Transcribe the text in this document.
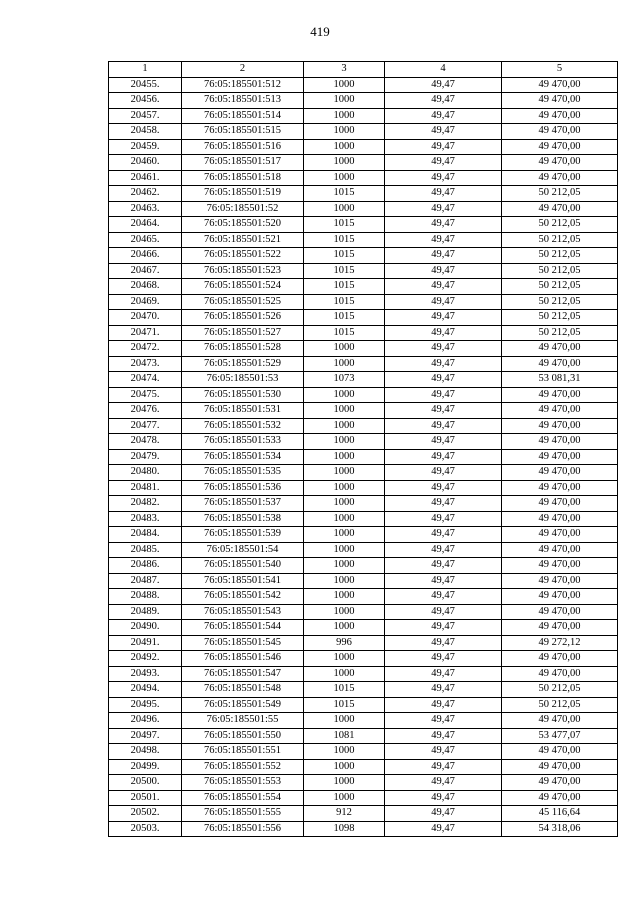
419
1	2	3	4	5
20455.	76:05:185501:512	1000	49,47	49 470,00
20456.	76:05:185501:513	1000	49,47	49 470,00
20457.	76:05:185501:514	1000	49,47	49 470,00
20458.	76:05:185501:515	1000	49,47	49 470,00
20459.	76:05:185501:516	1000	49,47	49 470,00
20460.	76:05:185501:517	1000	49,47	49 470,00
20461.	76:05:185501:518	1000	49,47	49 470,00
20462.	76:05:185501:519	1015	49,47	50 212,05
20463.	76:05:185501:52	1000	49,47	49 470,00
20464.	76:05:185501:520	1015	49,47	50 212,05
20465.	76:05:185501:521	1015	49,47	50 212,05
20466.	76:05:185501:522	1015	49,47	50 212,05
20467.	76:05:185501:523	1015	49,47	50 212,05
20468.	76:05:185501:524	1015	49,47	50 212,05
20469.	76:05:185501:525	1015	49,47	50 212,05
20470.	76:05:185501:526	1015	49,47	50 212,05
20471.	76:05:185501:527	1015	49,47	50 212,05
20472.	76:05:185501:528	1000	49,47	49 470,00
20473.	76:05:185501:529	1000	49,47	49 470,00
20474.	76:05:185501:53	1073	49,47	53 081,31
20475.	76:05:185501:530	1000	49,47	49 470,00
20476.	76:05:185501:531	1000	49,47	49 470,00
20477.	76:05:185501:532	1000	49,47	49 470,00
20478.	76:05:185501:533	1000	49,47	49 470,00
20479.	76:05:185501:534	1000	49,47	49 470,00
20480.	76:05:185501:535	1000	49,47	49 470,00
20481.	76:05:185501:536	1000	49,47	49 470,00
20482.	76:05:185501:537	1000	49,47	49 470,00
20483.	76:05:185501:538	1000	49,47	49 470,00
20484.	76:05:185501:539	1000	49,47	49 470,00
20485.	76:05:185501:54	1000	49,47	49 470,00
20486.	76:05:185501:540	1000	49,47	49 470,00
20487.	76:05:185501:541	1000	49,47	49 470,00
20488.	76:05:185501:542	1000	49,47	49 470,00
20489.	76:05:185501:543	1000	49,47	49 470,00
20490.	76:05:185501:544	1000	49,47	49 470,00
20491.	76:05:185501:545	996	49,47	49 272,12
20492.	76:05:185501:546	1000	49,47	49 470,00
20493.	76:05:185501:547	1000	49,47	49 470,00
20494.	76:05:185501:548	1015	49,47	50 212,05
20495.	76:05:185501:549	1015	49,47	50 212,05
20496.	76:05:185501:55	1000	49,47	49 470,00
20497.	76:05:185501:550	1081	49,47	53 477,07
20498.	76:05:185501:551	1000	49,47	49 470,00
20499.	76:05:185501:552	1000	49,47	49 470,00
20500.	76:05:185501:553	1000	49,47	49 470,00
20501.	76:05:185501:554	1000	49,47	49 470,00
20502.	76:05:185501:555	912	49,47	45 116,64
20503.	76:05:185501:556	1098	49,47	54 318,06
